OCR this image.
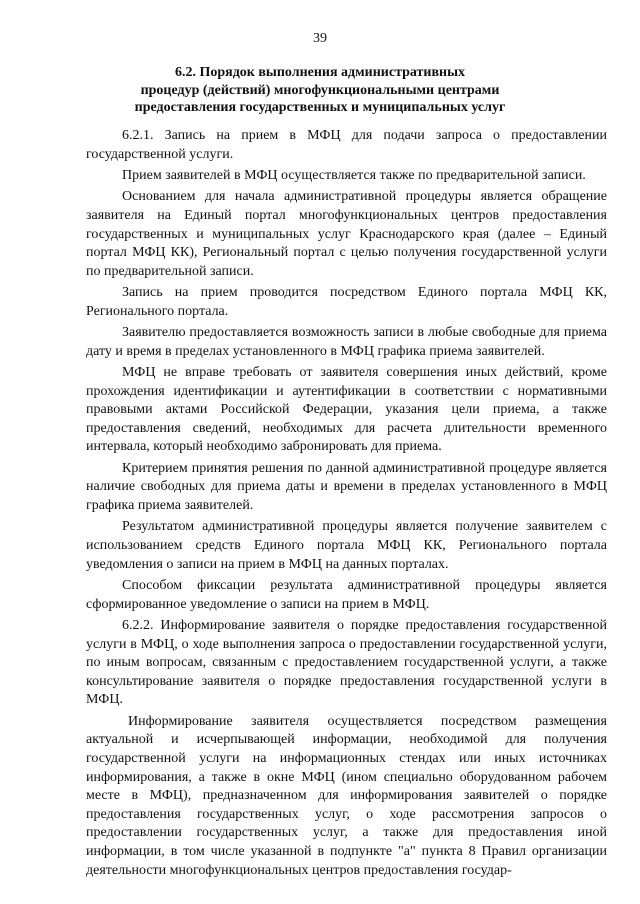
39
6.2. Порядок выполнения административных
процедур (действий) многофункциональными центрами
предоставления государственных и муниципальных услуг

6.2.1. Запись на прием в МФЦ для подачи запроса о предоставлении государственной услуги.

Прием заявителей в МФЦ осуществляется также по предварительной записи.

Основанием для начала административной процедуры является обращение заявителя на Единый портал многофункциональных центров предоставления государственных и муниципальных услуг Краснодарского края (далее – Единый портал МФЦ КК), Региональный портал с целью получения государственной услуги по предварительной записи.

Запись на прием проводится посредством Единого портала МФЦ КК, Регионального портала.

Заявителю предоставляется возможность записи в любые свободные для приема дату и время в пределах установленного в МФЦ графика приема заявителей.

МФЦ не вправе требовать от заявителя совершения иных действий, кроме прохождения идентификации и аутентификации в соответствии с нормативными правовыми актами Российской Федерации, указания цели приема, а также предоставления сведений, необходимых для расчета длительности временного интервала, который необходимо забронировать для приема.

Критерием принятия решения по данной административной процедуре является наличие свободных для приема даты и времени в пределах установленного в МФЦ графика приема заявителей.

Результатом административной процедуры является получение заявителем с использованием средств Единого портала МФЦ КК, Регионального портала уведомления о записи на прием в МФЦ на данных порталах.

Способом фиксации результата административной процедуры является сформированное уведомление о записи на прием в МФЦ.

6.2.2. Информирование заявителя о порядке предоставления государственной услуги в МФЦ, о ходе выполнения запроса о предоставлении государственной услуги, по иным вопросам, связанным с предоставлением государственной услуги, а также консультирование заявителя о порядке предоставления государственной услуги в МФЦ.

Информирование заявителя осуществляется посредством размещения актуальной и исчерпывающей информации, необходимой для получения государственной услуги на информационных стендах или иных источниках информирования, а также в окне МФЦ (ином специально оборудованном рабочем месте в МФЦ), предназначенном для информирования заявителей о порядке предоставления государственных услуг, о ходе рассмотрения запросов о предоставлении государственных услуг, а также для предоставления иной информации, в том числе указанной в подпункте "а" пункта 8 Правил организации деятельности многофункциональных центров предоставления государ-
